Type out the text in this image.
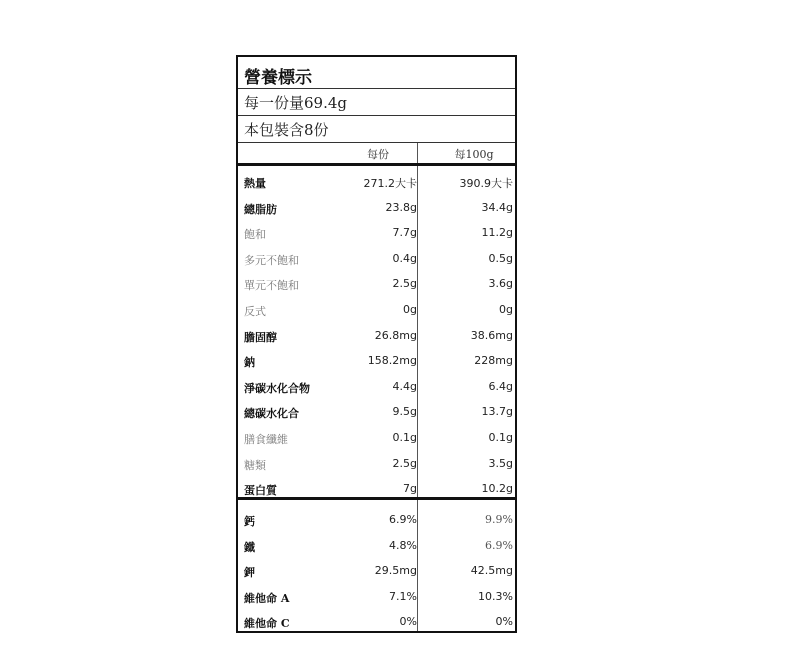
營養標示
每一份量69.4g
本包裝含8份
每份	每100g
熱量	271.2大卡	390.9大卡
總脂肪	23.8g	34.4g
飽和	7.7g	11.2g
多元不飽和	0.4g	0.5g
單元不飽和	2.5g	3.6g
反式	0g	0g
膽固醇	26.8mg	38.6mg
鈉	158.2mg	228mg
淨碳水化合物	4.4g	6.4g
總碳水化合	9.5g	13.7g
膳食纖維	0.1g	0.1g
糖類	2.5g	3.5g
蛋白質	7g	10.2g
鈣	6.9%	9.9%
鐵	4.8%	6.9%
鉀	29.5mg	42.5mg
維他命 A	7.1%	10.3%
維他命 C	0%	0%
